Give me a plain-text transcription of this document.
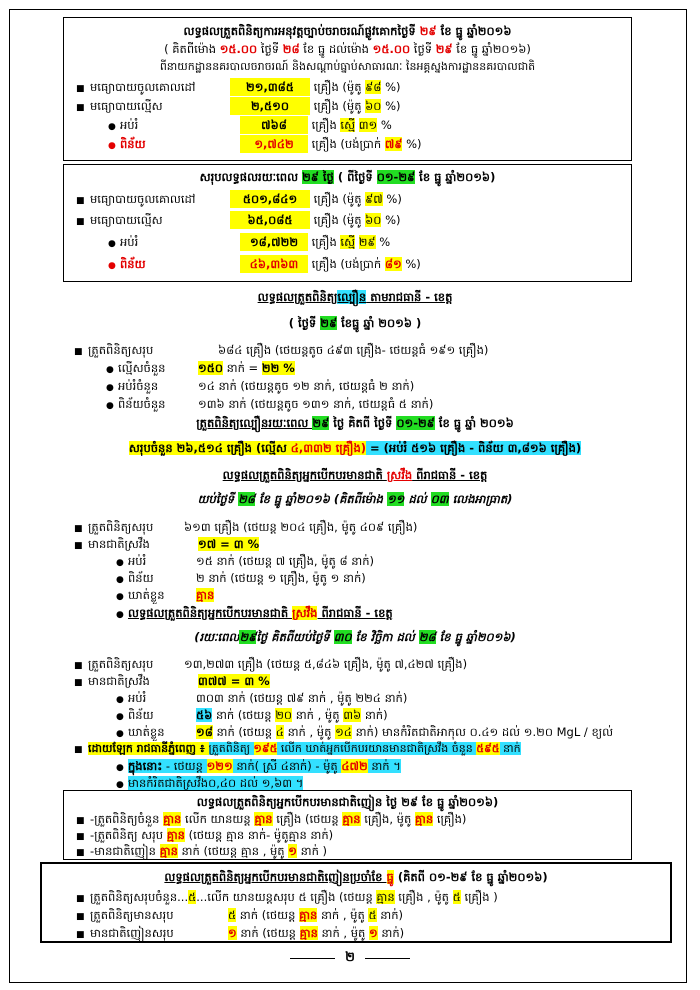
លទ្ធផលត្រួតពិនិត្យការអនុវត្តច្បាប់ចរាចរណ៍ផ្លូវគោកថ្ងៃទី ២៩ ខែ ធ្នូ ឆ្នាំ២០១៦
( គិតពីម៉ោង ១៥.០០ ថ្ងៃទី ២៨ ខែ ធ្នូ ដល់ម៉ោង ១៥.០០ ថ្ងៃទី ២៩ ខែ ធ្នូ ឆ្នាំ២០១៦)
ពីនាយកដ្ឋាននគរបាលចរាចរណ៍ និងសណ្តាប់ធ្នាប់សាធារណៈ នៃអគ្គស្នងការដ្ឋាននគរបាលជាតិ
■ មធ្យោបាយចូលគោលដៅ	២១,៣៨៥ គ្រឿង (ម៉ូតូ ៩៨ %)
■ មធ្យោបាយល្មើស	២,៥១០ គ្រឿង (ម៉ូតូ ៦០ %)
● អប់រំ	៧៦៨ គ្រឿង ស្មើ ៣១ %
● ពិន័យ	១,៧៤២ គ្រឿង (បង់ប្រាក់ ៧៩ %)
សរុបលទ្ធផលរយៈពេល ២៩ ថ្ងៃ ( ពីថ្ងៃទី ០១-២៩ ខែ ធ្នូ ឆ្នាំ២០១៦)
■ មធ្យោបាយចូលគោលដៅ	៥០១,៨៤១ គ្រឿង (ម៉ូតូ ៩៧ %)
■ មធ្យោបាយល្មើស	៦៥,០៨៥ គ្រឿង (ម៉ូតូ ៦០ %)
● អប់រំ	១៨,៧២២ គ្រឿង ស្មើ ២៩ %
● ពិន័យ	៤៦,៣៦៣ គ្រឿង (បង់ប្រាក់ ៨១ %)
លទ្ធផលត្រួតពិនិត្យល្បឿន តាមរាជធានី - ខេត្ត
( ថ្ងៃទី ២៩ ខែធ្នូ ឆ្នាំ ២០១៦ )
■ ត្រួតពិនិត្យសរុប	៦៨៤ គ្រឿង (ថេយន្តតូច ៤៩៣ គ្រឿង- ថេយន្តធំ ១៩១ គ្រឿង)
● ល្មើសចំនួន	១៥០ នាក់ = ២២ %
● អប់រំចំនួន	១៤ នាក់ (ថេយន្តតូច ១២ នាក់, ថេយន្តធំ ២ នាក់)
● ពិន័យចំនួន	១៣៦ នាក់ (ថេយន្តតូច ១៣១ នាក់, ថេយន្តធំ ៥ នាក់)
ត្រួតពិនិត្យល្បឿនរយៈពេល ២៩ ថ្ងៃ គិតពី ថ្ងៃទី ០១-២៩ ខែ ធ្នូ ឆ្នាំ ២០១៦
សរុបចំនួន ២៦,៥១៤ គ្រឿង (ល្មើស ៤,៣៣២ គ្រឿង) = (អប់រំ ៥១៦ គ្រឿង - ពិន័យ ៣,៨១៦ គ្រឿង)
លទ្ធផលត្រួតពិនិត្យអ្នកបើកបរមានជាតិ ស្រវឹង ពីរាជធានី - ខេត្ត
យប់ថ្ងៃទី ២៨ ខែ ធ្នូ ឆ្នាំ២០១៦ (គិតពីម៉ោង ១១ ដល់ ០៣ លេងអាធ្រាត)
■ ត្រួតពិនិត្យសរុប	៦១៣ គ្រឿង (ថេយន្ត ២០៤ គ្រឿង, ម៉ូតូ ៤០៩ គ្រឿង)
■ មានជាតិស្រវឹង	១៧ = ៣ %
● អប់រំ	១៥ នាក់ (ថេយន្ត ៧ គ្រឿង, ម៉ូតូ ៨ នាក់)
● ពិន័យ	២ នាក់ (ថេយន្ត ១ គ្រឿង, ម៉ូតូ ១ នាក់)
● ឃាត់ខ្លួន	គ្មាន
● លទ្ធផលត្រួតពិនិត្យអ្នកបើកបរមានជាតិ ស្រវឹង ពីរាជធានី - ខេត្ត
(រយៈពេល២៩ថ្ងៃ គិតពីយប់ថ្ងៃទី ៣០ ខែ វិច្ឆិកា ដល់ ២៨ ខែ ធ្នូ ឆ្នាំ២០១៦)
■ ត្រួតពិនិត្យសរុប	១៣,២៧៣ គ្រឿង (ថេយន្ត ៥,៨៤៦ គ្រឿង, ម៉ូតូ ៧,៤២៧ គ្រឿង)
■ មានជាតិស្រវឹង	៣៧៧ = ៣ %
● អប់រំ	៣០៣ នាក់ (ថេយន្ត ៧៩ នាក់ , ម៉ូតូ ២២៤ នាក់)
● ពិន័យ	៥៦ នាក់ (ថេយន្ត ២០ នាក់ , ម៉ូតូ ៣៦ នាក់)
● ឃាត់ខ្លួន	១៨ នាក់ (ថេយន្ត ៤ នាក់ , ម៉ូតូ ១៤ នាក់) មានកំរិតជាតិអាកុល ០.៤១ ដល់ ១.២០ MgL / ខ្យល់
■ ដោយឡែក រាជធានីភ្នំពេញ ៖ ត្រួតពិនិត្យ ១៩៥ លើក ឃាត់អ្នកបើកបរយានមានជាតិស្រវឹង ចំនួន ៥៩៥ នាក់
● ក្នុងនោះ - ថេយន្ត ១២១ នាក់( ស្រី ៤នាក់) - ម៉ូតូ ៤៧២ នាក់ ។
● មានកំរិតជាតិស្រវឹង០,៤០ ដល់ ១,៦៣ ។
លទ្ធផលត្រួតពិនិត្យអ្នកបើកបរមានជាតិញៀន ថ្ងៃ ២៩ ខែ ធ្នូ ឆ្នាំ២០១៦)
■ -ត្រួតពិនិត្យចំនួន គ្មាន លើក យានយន្ត គ្មាន គ្រឿង (ថេយន្ត គ្មាន គ្រឿង, ម៉ូតូ គ្មាន គ្រឿង)
■ -ត្រួតពិនិត្យ សរុប គ្មាន (ថេយន្ត គ្មាន នាក់- ម៉ូតូគ្មាន នាក់)
■ -មានជាតិញៀន គ្មាន នាក់ (ថេយន្ត គ្មាន , ម៉ូតូ ១ នាក់ )
លទ្ធផលត្រួតពិនិត្យអ្នកបើកបរមានជាតិញៀនប្រចាំខែ ធ្នូ (គិតពី ០១-២៩ ខែ ធ្នូ ឆ្នាំ២០១៦)
■ ត្រួតពិនិត្យសរុបចំនួន...៥...លើក យានយន្តសរុប ៥ គ្រឿង (ថេយន្ត គ្មាន គ្រឿង , ម៉ូតូ ៥ គ្រឿង )
■ ត្រួតពិនិត្យមានសរុប	៥ នាក់ (ថេយន្ត គ្មាន នាក់ , ម៉ូតូ ៥ នាក់)
■ មានជាតិញៀនសរុប	១ នាក់ (ថេយន្ត គ្មាន នាក់ , ម៉ូតូ ១ នាក់)
២
